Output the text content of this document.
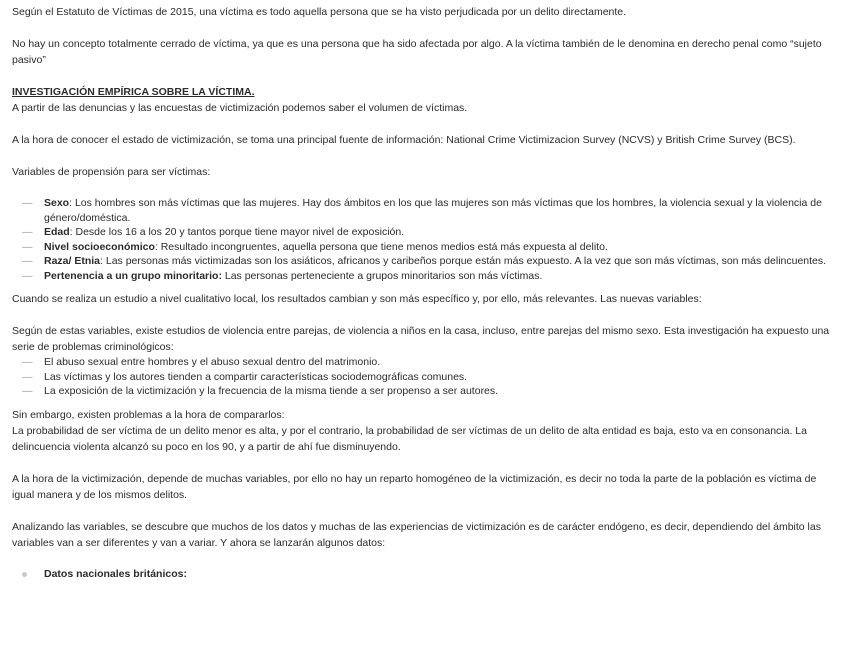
Según el Estatuto de Víctimas de 2015, una víctima es todo aquella persona que se ha visto perjudicada por un delito directamente.

No hay un concepto totalmente cerrado de víctima, ya que es una persona que ha sido afectada por algo. A la víctima también de le denomina en derecho penal como “sujeto pasivo”

INVESTIGACIÓN EMPÍRICA SOBRE LA VÍCTIMA.

A partir de las denuncias y las encuestas de victimización podemos saber el volumen de víctimas.

A la hora de conocer el estado de victimización, se toma una principal fuente de información: National Crime Victimizacion Survey (NCVS) y British Crime Survey (BCS).

Variables de propensión para ser víctimas:

— Sexo: Los hombres son más víctimas que las mujeres. Hay dos ámbitos en los que las mujeres son más víctimas que los hombres, la violencia sexual y la violencia de género/doméstica.
— Edad: Desde los 16 a los 20 y tantos porque tiene mayor nivel de exposición.
— Nivel socioeconómico: Resultado incongruentes, aquella persona que tiene menos medios está más expuesta al delito.
— Raza/ Etnia: Las personas más victimizadas son los asiáticos, africanos y caribeños porque están más expuesto. A la vez que son más víctimas, son más delincuentes.
— Pertenencia a un grupo minoritario: Las personas perteneciente a grupos minoritarios son más víctimas.

Cuando se realiza un estudio a nivel cualitativo local, los resultados cambian y son más específico y, por ello, más relevantes. Las nuevas variables:

Según de estas variables, existe estudios de violencia entre parejas, de violencia a niños en la casa, incluso, entre parejas del mismo sexo. Esta investigación ha expuesto una serie de problemas criminológicos:

— El abuso sexual entre hombres y el abuso sexual dentro del matrimonio.
— Las víctimas y los autores tienden a compartir características sociodemográficas comunes.
— La exposición de la victimización y la frecuencia de la misma tiende a ser propenso a ser autores.

Sin embargo, existen problemas a la hora de compararlos:

La probabilidad de ser víctima de un delito menor es alta, y por el contrario, la probabilidad de ser víctimas de un delito de alta entidad es baja, esto va en consonancia. La delincuencia violenta alcanzó su poco en los 90, y a partir de ahí fue disminuyendo.

A la hora de la victimización, depende de muchas variables, por ello no hay un reparto homogéneo de la victimización, es decir no toda la parte de la población es víctima de igual manera y de los mismos delitos.

Analizando las variables, se descubre que muchos de los datos y muchas de las experiencias de victimización es de carácter endógeno, es decir, dependiendo del ámbito las variables van a ser diferentes y van a variar. Y ahora se lanzarán algunos datos:

Datos nacionales británicos:
